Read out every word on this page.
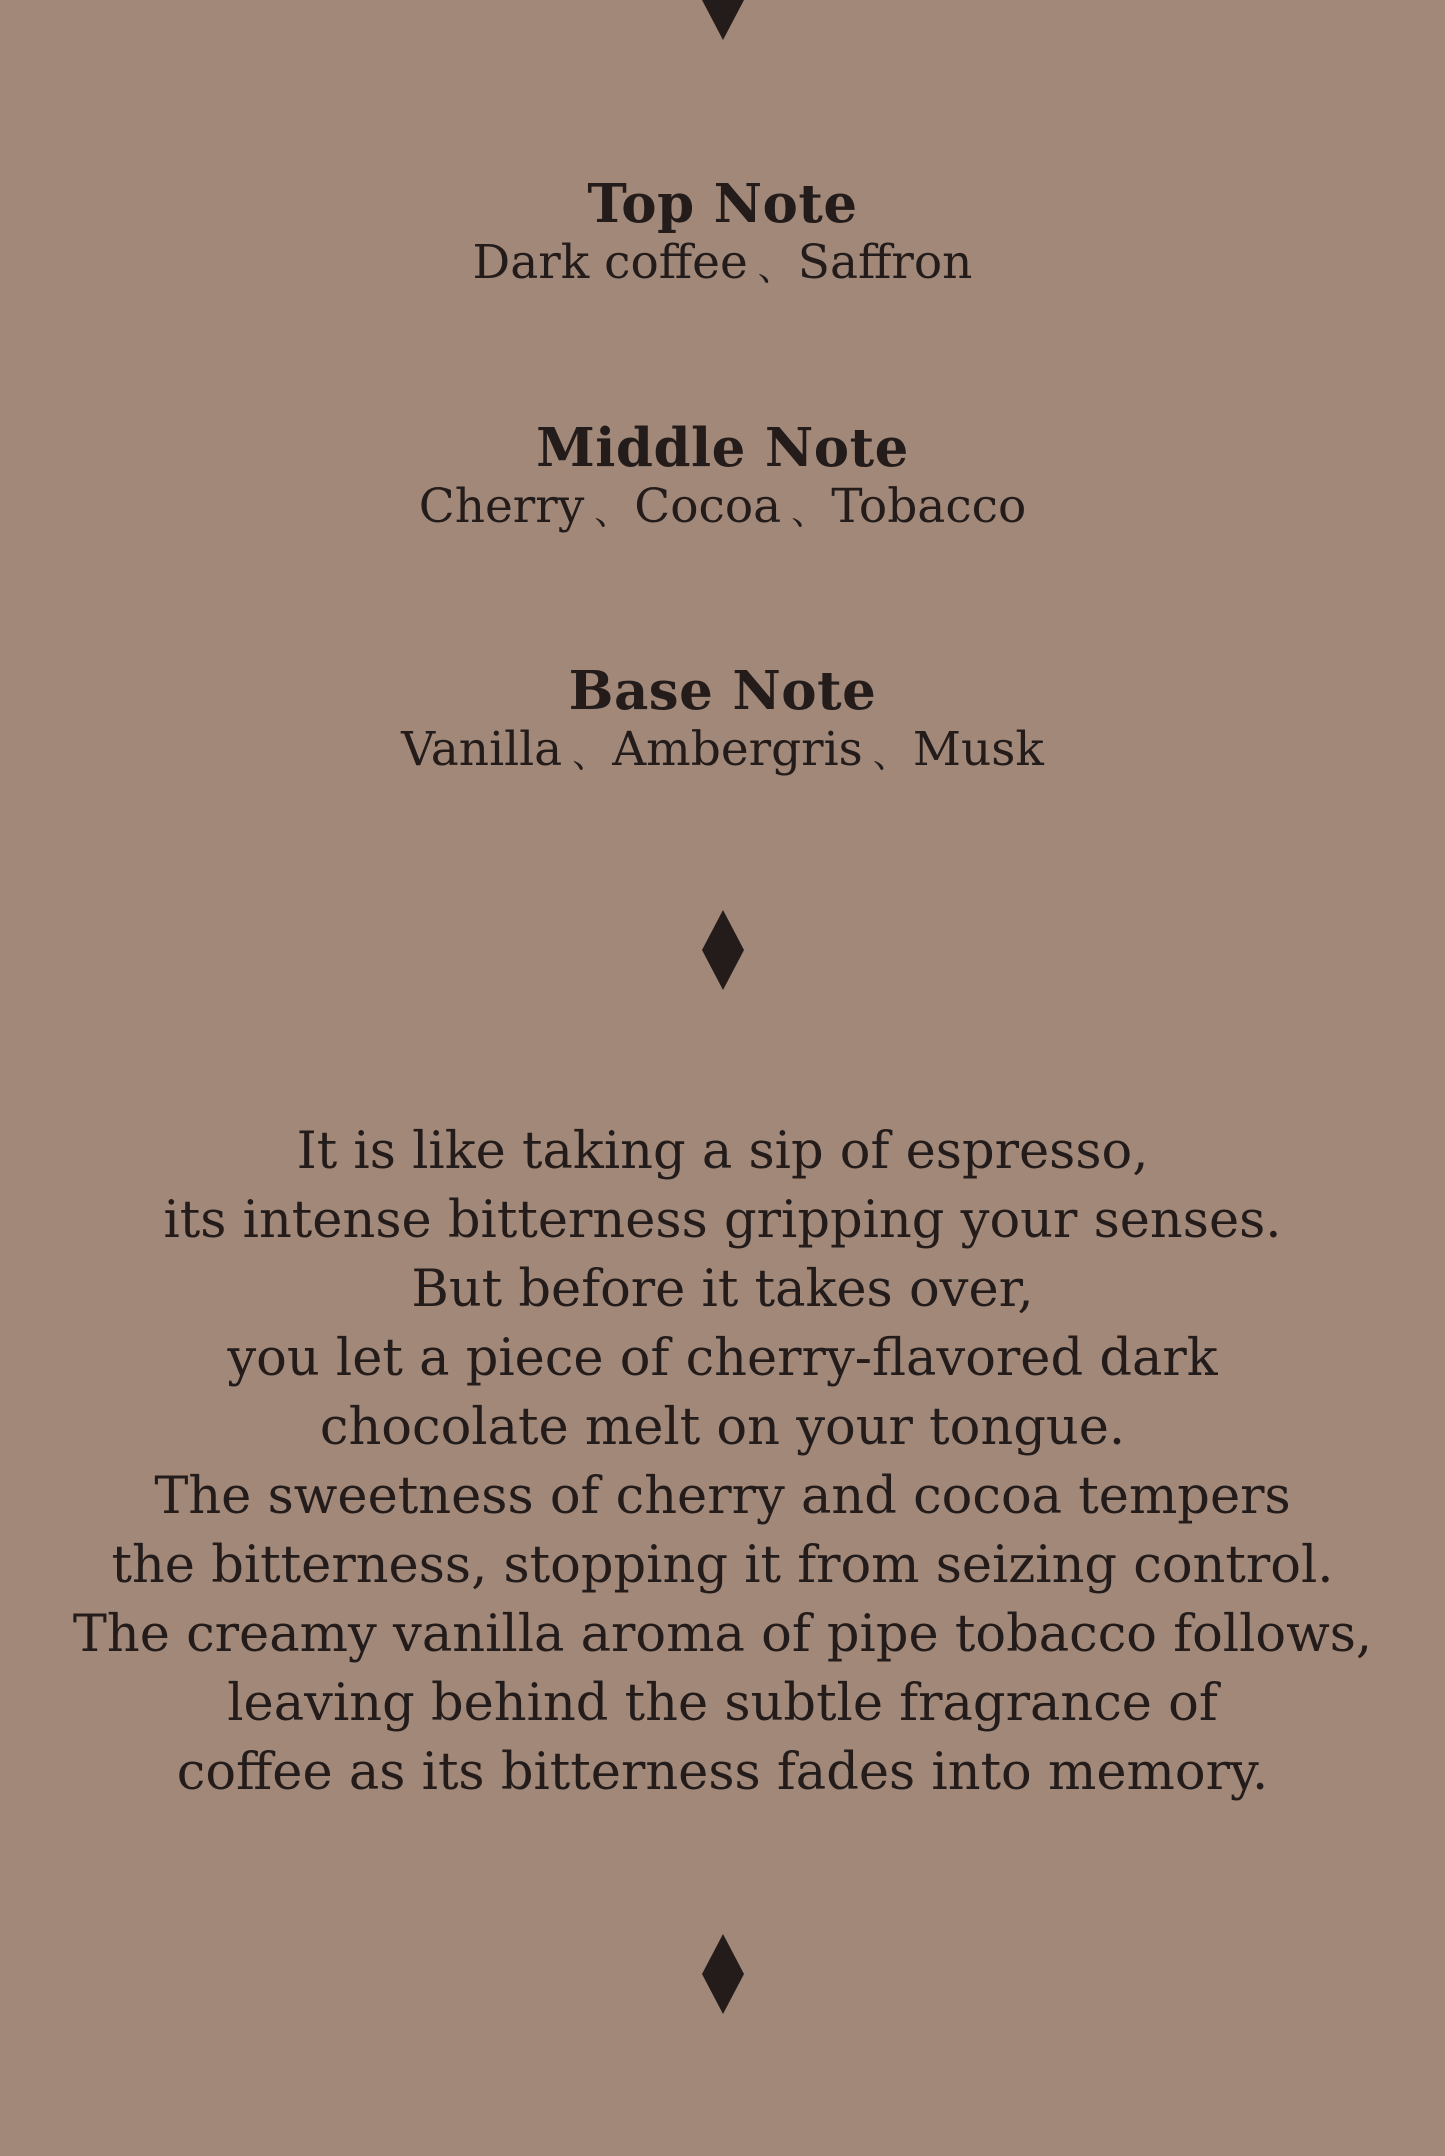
Top Note
Dark coffee 、Saffron
Middle Note
Cherry 、Cocoa 、Tobacco
Base Note
Vanilla 、Ambergris 、Musk
It is like taking a sip of espresso,
its intense bitterness gripping your senses.
But before it takes over,
you let a piece of cherry-flavored dark
chocolate melt on your tongue.
The sweetness of cherry and cocoa tempers
the bitterness, stopping it from seizing control.
The creamy vanilla aroma of pipe tobacco follows,
leaving behind the subtle fragrance of
coffee as its bitterness fades into memory.
